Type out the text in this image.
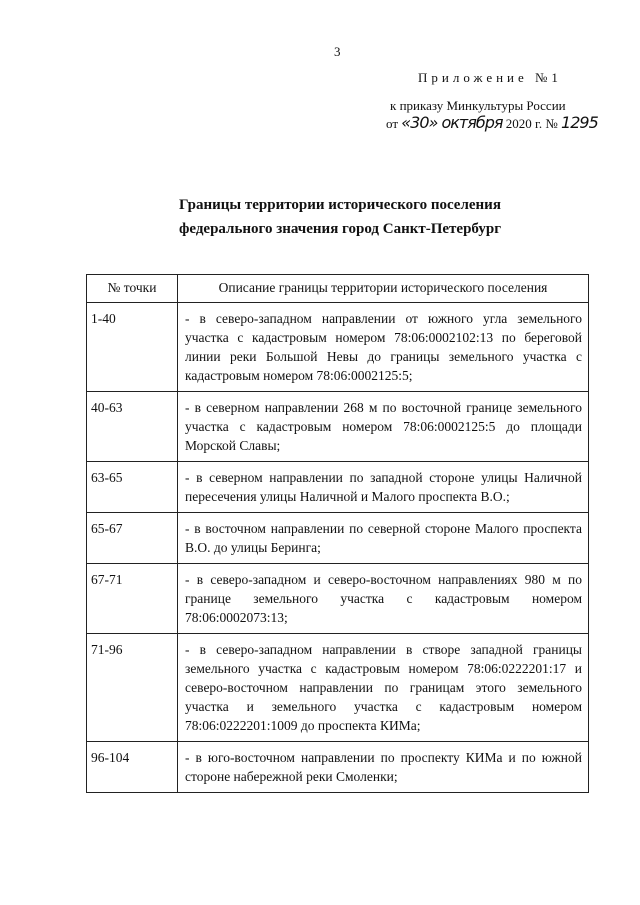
3
Приложение №1
к приказу Минкультуры России
от «30» октября 2020 г. № 1295
Границы территории исторического поселения
федерального значения город Санкт-Петербург
№ точки	Описание границы территории исторического поселения
1-40	- в северо-западном направлении от южного угла земельного участка с кадастровым номером 78:06:0002102:13 по береговой линии реки Большой Невы до границы земельного участка с кадастровым номером 78:06:0002125:5;
40-63	- в северном направлении 268 м по восточной границе земельного участка с кадастровым номером 78:06:0002125:5 до площади Морской Славы;
63-65	- в северном направлении по западной стороне улицы Наличной пересечения улицы Наличной и Малого проспекта В.О.;
65-67	- в восточном направлении по северной стороне Малого проспекта В.О. до улицы Беринга;
67-71	- в северо-западном и северо-восточном направлениях 980 м по границе земельного участка с кадастровым номером 78:06:0002073:13;
71-96	- в северо-западном направлении в створе западной границы земельного участка с кадастровым номером 78:06:0222201:17 и северо-восточном направлении по границам этого земельного участка и земельного участка с кадастровым номером 78:06:0222201:1009 до проспекта КИМа;
96-104	- в юго-восточном направлении по проспекту КИМа и по южной стороне набережной реки Смоленки;
